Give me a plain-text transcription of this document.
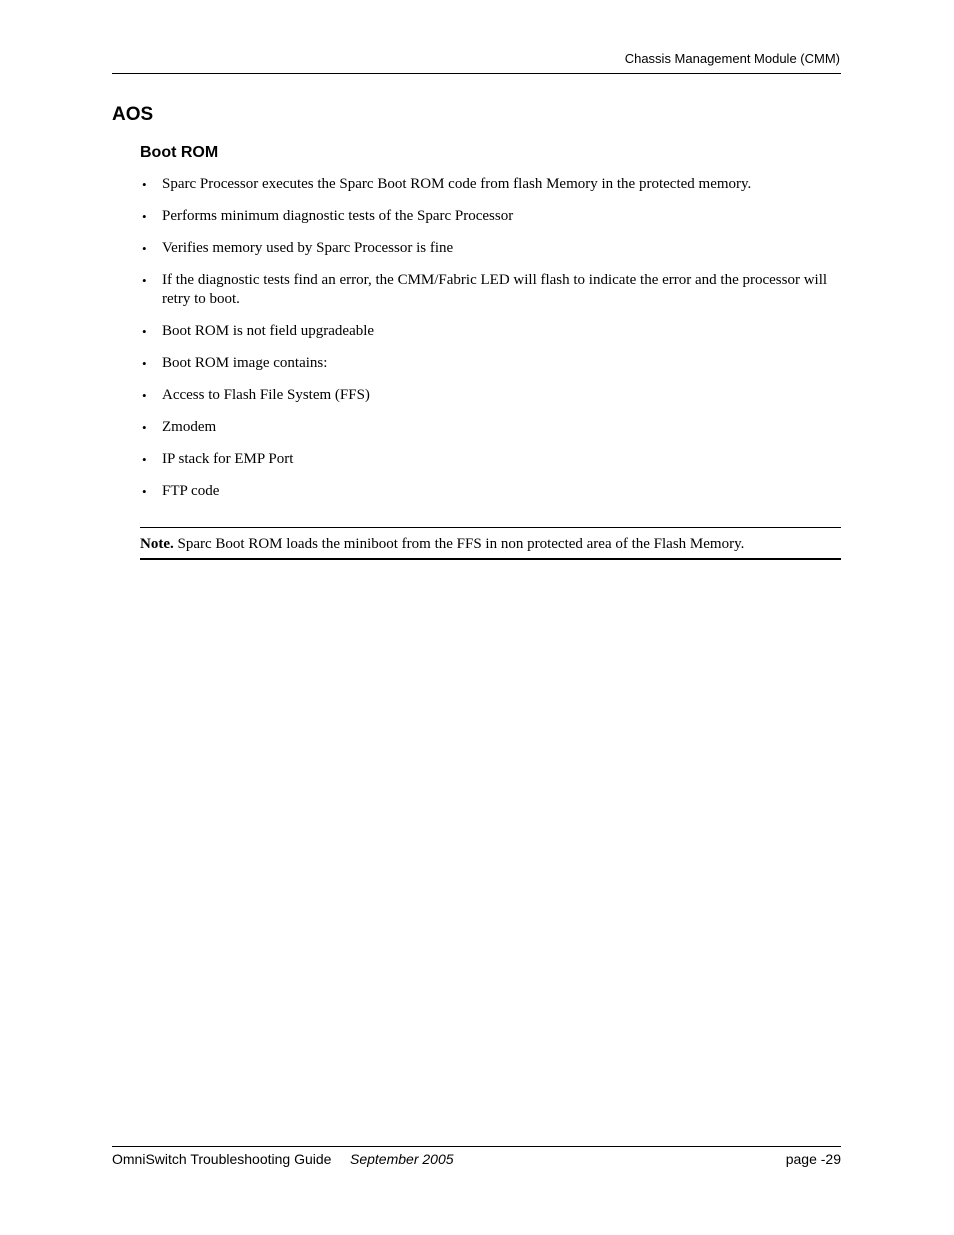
Chassis Management Module (CMM)
AOS
Boot ROM
• Sparc Processor executes the Sparc Boot ROM code from flash Memory in the protected memory.
• Performs minimum diagnostic tests of the Sparc Processor
• Verifies memory used by Sparc Processor is fine
• If the diagnostic tests find an error, the CMM/Fabric LED will flash to indicate the error and the processor will retry to boot.
• Boot ROM is not field upgradeable
• Boot ROM image contains:
• Access to Flash File System (FFS)
• Zmodem
• IP stack for EMP Port
• FTP code
Note. Sparc Boot ROM loads the miniboot from the FFS in non protected area of the Flash Memory.
OmniSwitch Troubleshooting Guide September 2005	page -29
